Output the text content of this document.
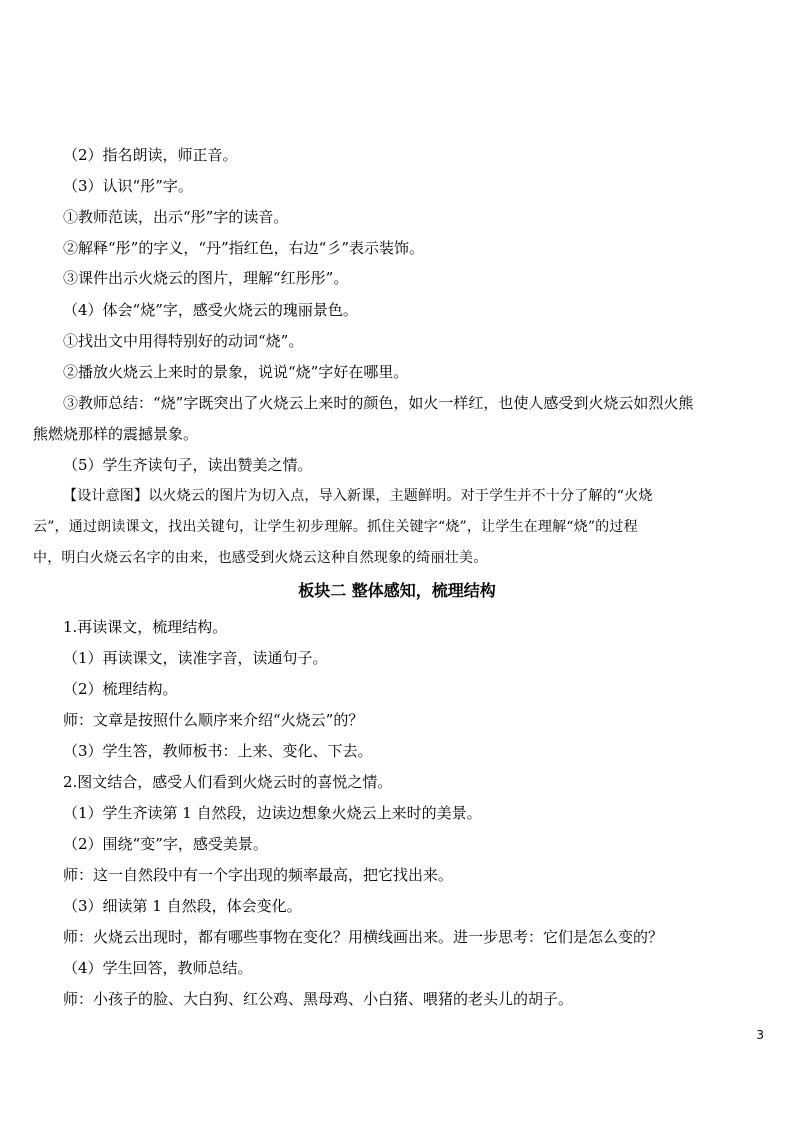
（2）指名朗读，师正音。
（3）认识“彤”字。
①教师范读，出示“彤”字的读音。
②解释“彤”的字义，“丹”指红色，右边“彡”表示装饰。
③课件出示火烧云的图片，理解“红彤彤”。
（4）体会“烧”字，感受火烧云的瑰丽景色。
①找出文中用得特别好的动词“烧”。
②播放火烧云上来时的景象，说说“烧”字好在哪里。
③教师总结：“烧”字既突出了火烧云上来时的颜色，如火一样红，也使人感受到火烧云如烈火熊
熊燃烧那样的震撼景象。
（5）学生齐读句子，读出赞美之情。
【设计意图】以火烧云的图片为切入点，导入新课，主题鲜明。对于学生并不十分了解的“火烧
云”，通过朗读课文，找出关键句，让学生初步理解。抓住关键字“烧”，让学生在理解“烧”的过程
中，明白火烧云名字的由来，也感受到火烧云这种自然现象的绮丽壮美。
板块二 整体感知，梳理结构
1.再读课文，梳理结构。
（1）再读课文，读准字音，读通句子。
（2）梳理结构。
师：文章是按照什么顺序来介绍“火烧云”的？
（3）学生答，教师板书：上来、变化、下去。
2.图文结合，感受人们看到火烧云时的喜悦之情。
（1）学生齐读第 1 自然段，边读边想象火烧云上来时的美景。
（2）围绕“变”字，感受美景。
师：这一自然段中有一个字出现的频率最高，把它找出来。
（3）细读第 1 自然段，体会变化。
师：火烧云出现时，都有哪些事物在变化？用横线画出来。进一步思考：它们是怎么变的？
（4）学生回答，教师总结。
师：小孩子的脸、大白狗、红公鸡、黑母鸡、小白猪、喂猪的老头儿的胡子。
3
